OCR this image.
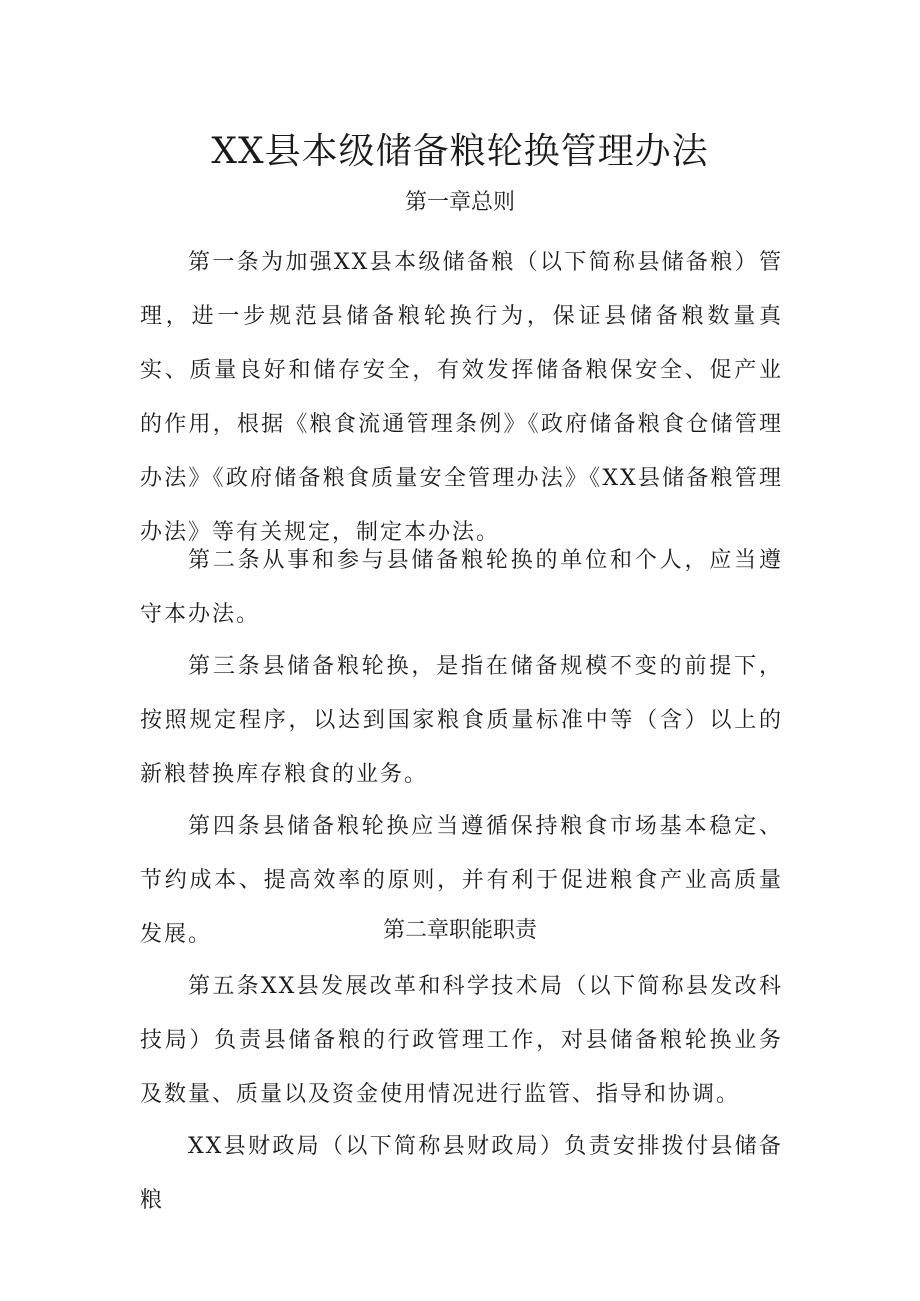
XX县本级储备粮轮换管理办法
第一章总则

第一条为加强XX县本级储备粮（以下简称县储备粮）管理，进一步规范县储备粮轮换行为，保证县储备粮数量真实、质量良好和储存安全，有效发挥储备粮保安全、促产业的作用，根据《粮食流通管理条例》《政府储备粮食仓储管理办法》《政府储备粮食质量安全管理办法》《XX县储备粮管理办法》等有关规定，制定本办法。

第二条从事和参与县储备粮轮换的单位和个人，应当遵守本办法。

第三条县储备粮轮换，是指在储备规模不变的前提下，按照规定程序，以达到国家粮食质量标准中等（含）以上的新粮替换库存粮食的业务。

第四条县储备粮轮换应当遵循保持粮食市场基本稳定、节约成本、提高效率的原则，并有利于促进粮食产业高质量发展。	第二章职能职责

第五条XX县发展改革和科学技术局（以下简称县发改科技局）负责县储备粮的行政管理工作，对县储备粮轮换业务及数量、质量以及资金使用情况进行监管、指导和协调。

XX县财政局（以下简称县财政局）负责安排拨付县储备粮
